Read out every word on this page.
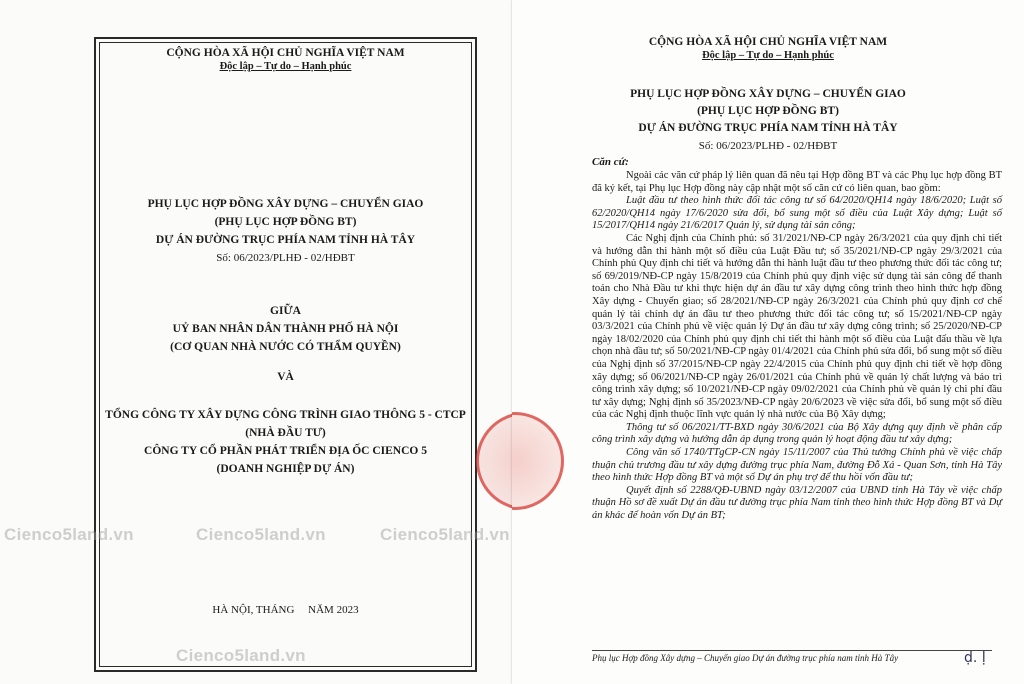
CỘNG HÒA XÃ HỘI CHỦ NGHĨA VIỆT NAM
Độc lập – Tự do – Hạnh phúc
PHỤ LỤC HỢP ĐỒNG XÂY DỰNG – CHUYỂN GIAO
(PHỤ LỤC HỢP ĐỒNG BT)
DỰ ÁN ĐƯỜNG TRỤC PHÍA NAM TỈNH HÀ TÂY
Số: 06/2023/PLHĐ - 02/HĐBT
GIỮA
UỶ BAN NHÂN DÂN THÀNH PHỐ HÀ NỘI
(CƠ QUAN NHÀ NƯỚC CÓ THẨM QUYỀN)
VÀ
TỔNG CÔNG TY XÂY DỰNG CÔNG TRÌNH GIAO THÔNG 5 - CTCP
(NHÀ ĐẦU TƯ)
CÔNG TY CỔ PHẦN PHÁT TRIỂN ĐỊA ỐC CIENCO 5
(DOANH NGHIỆP DỰ ÁN)
HÀ NỘI, THÁNG     NĂM 2023
Cienco5land.vn	Cienco5land.vn	Cienco5land.vn
Cienco5land.vn
CỘNG HÒA XÃ HỘI CHỦ NGHĨA VIỆT NAM
Độc lập – Tự do – Hạnh phúc
PHỤ LỤC HỢP ĐỒNG XÂY DỰNG – CHUYỂN GIAO
(PHỤ LỤC HỢP ĐỒNG BT)
DỰ ÁN ĐƯỜNG TRỤC PHÍA NAM TỈNH HÀ TÂY
Số: 06/2023/PLHĐ - 02/HĐBT
Căn cứ:

Ngoài các văn cứ pháp lý liên quan đã nêu tại Hợp đồng BT và các Phụ lục hợp đồng BT đã ký kết, tại Phụ lục Hợp đồng này cập nhật một số căn cứ có liên quan, bao gồm:

Luật đầu tư theo hình thức đối tác công tư số 64/2020/QH14 ngày 18/6/2020; Luật số 62/2020/QH14 ngày 17/6/2020 sửa đổi, bổ sung một số điều của Luật Xây dựng; Luật số 15/2017/QH14 ngày 21/6/2017 Quản lý, sử dụng tài sản công;

Các Nghị định của Chính phủ: số 31/2021/NĐ-CP ngày 26/3/2021 của quy định chi tiết và hướng dẫn thi hành một số điều của Luật Đầu tư; số 35/2021/NĐ-CP ngày 29/3/2021 của Chính phủ Quy định chi tiết và hướng dẫn thi hành luật đầu tư theo phương thức đối tác công tư; số 69/2019/NĐ-CP ngày 15/8/2019 của Chính phủ quy định việc sử dụng tài sản công để thanh toán cho Nhà Đầu tư khi thực hiện dự án đầu tư xây dựng công trình theo hình thức hợp đồng Xây dựng - Chuyển giao; số 28/2021/NĐ-CP ngày 26/3/2021 của Chính phủ quy định cơ chế quản lý tài chính dự án đầu tư theo phương thức đối tác công tư; số 15/2021/NĐ-CP ngày 03/3/2021 của Chính phủ về việc quản lý Dự án đầu tư xây dựng công trình; số 25/2020/NĐ-CP ngày 18/02/2020 của Chính phủ quy định chi tiết thi hành một số điều của Luật đấu thầu về lựa chọn nhà đầu tư; số 50/2021/NĐ-CP ngày 01/4/2021 của Chính phủ sửa đổi, bổ sung một số điều của Nghị định số 37/2015/NĐ-CP ngày 22/4/2015 của Chính phủ quy định chi tiết về hợp đồng xây dựng; số 06/2021/NĐ-CP ngày 26/01/2021 của Chính phủ về quản lý chất lượng và bảo trì công trình xây dựng; số 10/2021/NĐ-CP ngày 09/02/2021 của Chính phủ về quản lý chi phí đầu tư xây dựng; Nghị định số 35/2023/NĐ-CP ngày 20/6/2023 về việc sửa đổi, bổ sung một số điều của các Nghị định thuộc lĩnh vực quản lý nhà nước của Bộ Xây dựng;

Thông tư số 06/2021/TT-BXD ngày 30/6/2021 của Bộ Xây dựng quy định về phân cấp công trình xây dựng và hướng dẫn áp dụng trong quản lý hoạt động đầu tư xây dựng;

Công văn số 1740/TTgCP-CN ngày 15/11/2007 của Thủ tướng Chính phủ về việc chấp thuận chủ trương đầu tư xây dựng đường trục phía Nam, đường Đỗ Xá - Quan Sơn, tỉnh Hà Tây theo hình thức Hợp đồng BT và một số Dự án phụ trợ để thu hồi vốn đầu tư;

Quyết định số 2288/QĐ-UBND ngày 03/12/2007 của UBND tỉnh Hà Tây về việc chấp thuận Hồ sơ đề xuất Dự án đầu tư đường trục phía Nam tỉnh theo hình thức Hợp đồng BT và Dự án khác để hoàn vốn Dự án BT;

Phụ lục Hợp đồng Xây dựng – Chuyển giao Dự án đường trục phía nam tỉnh Hà Tây	ḍ. ḷ
